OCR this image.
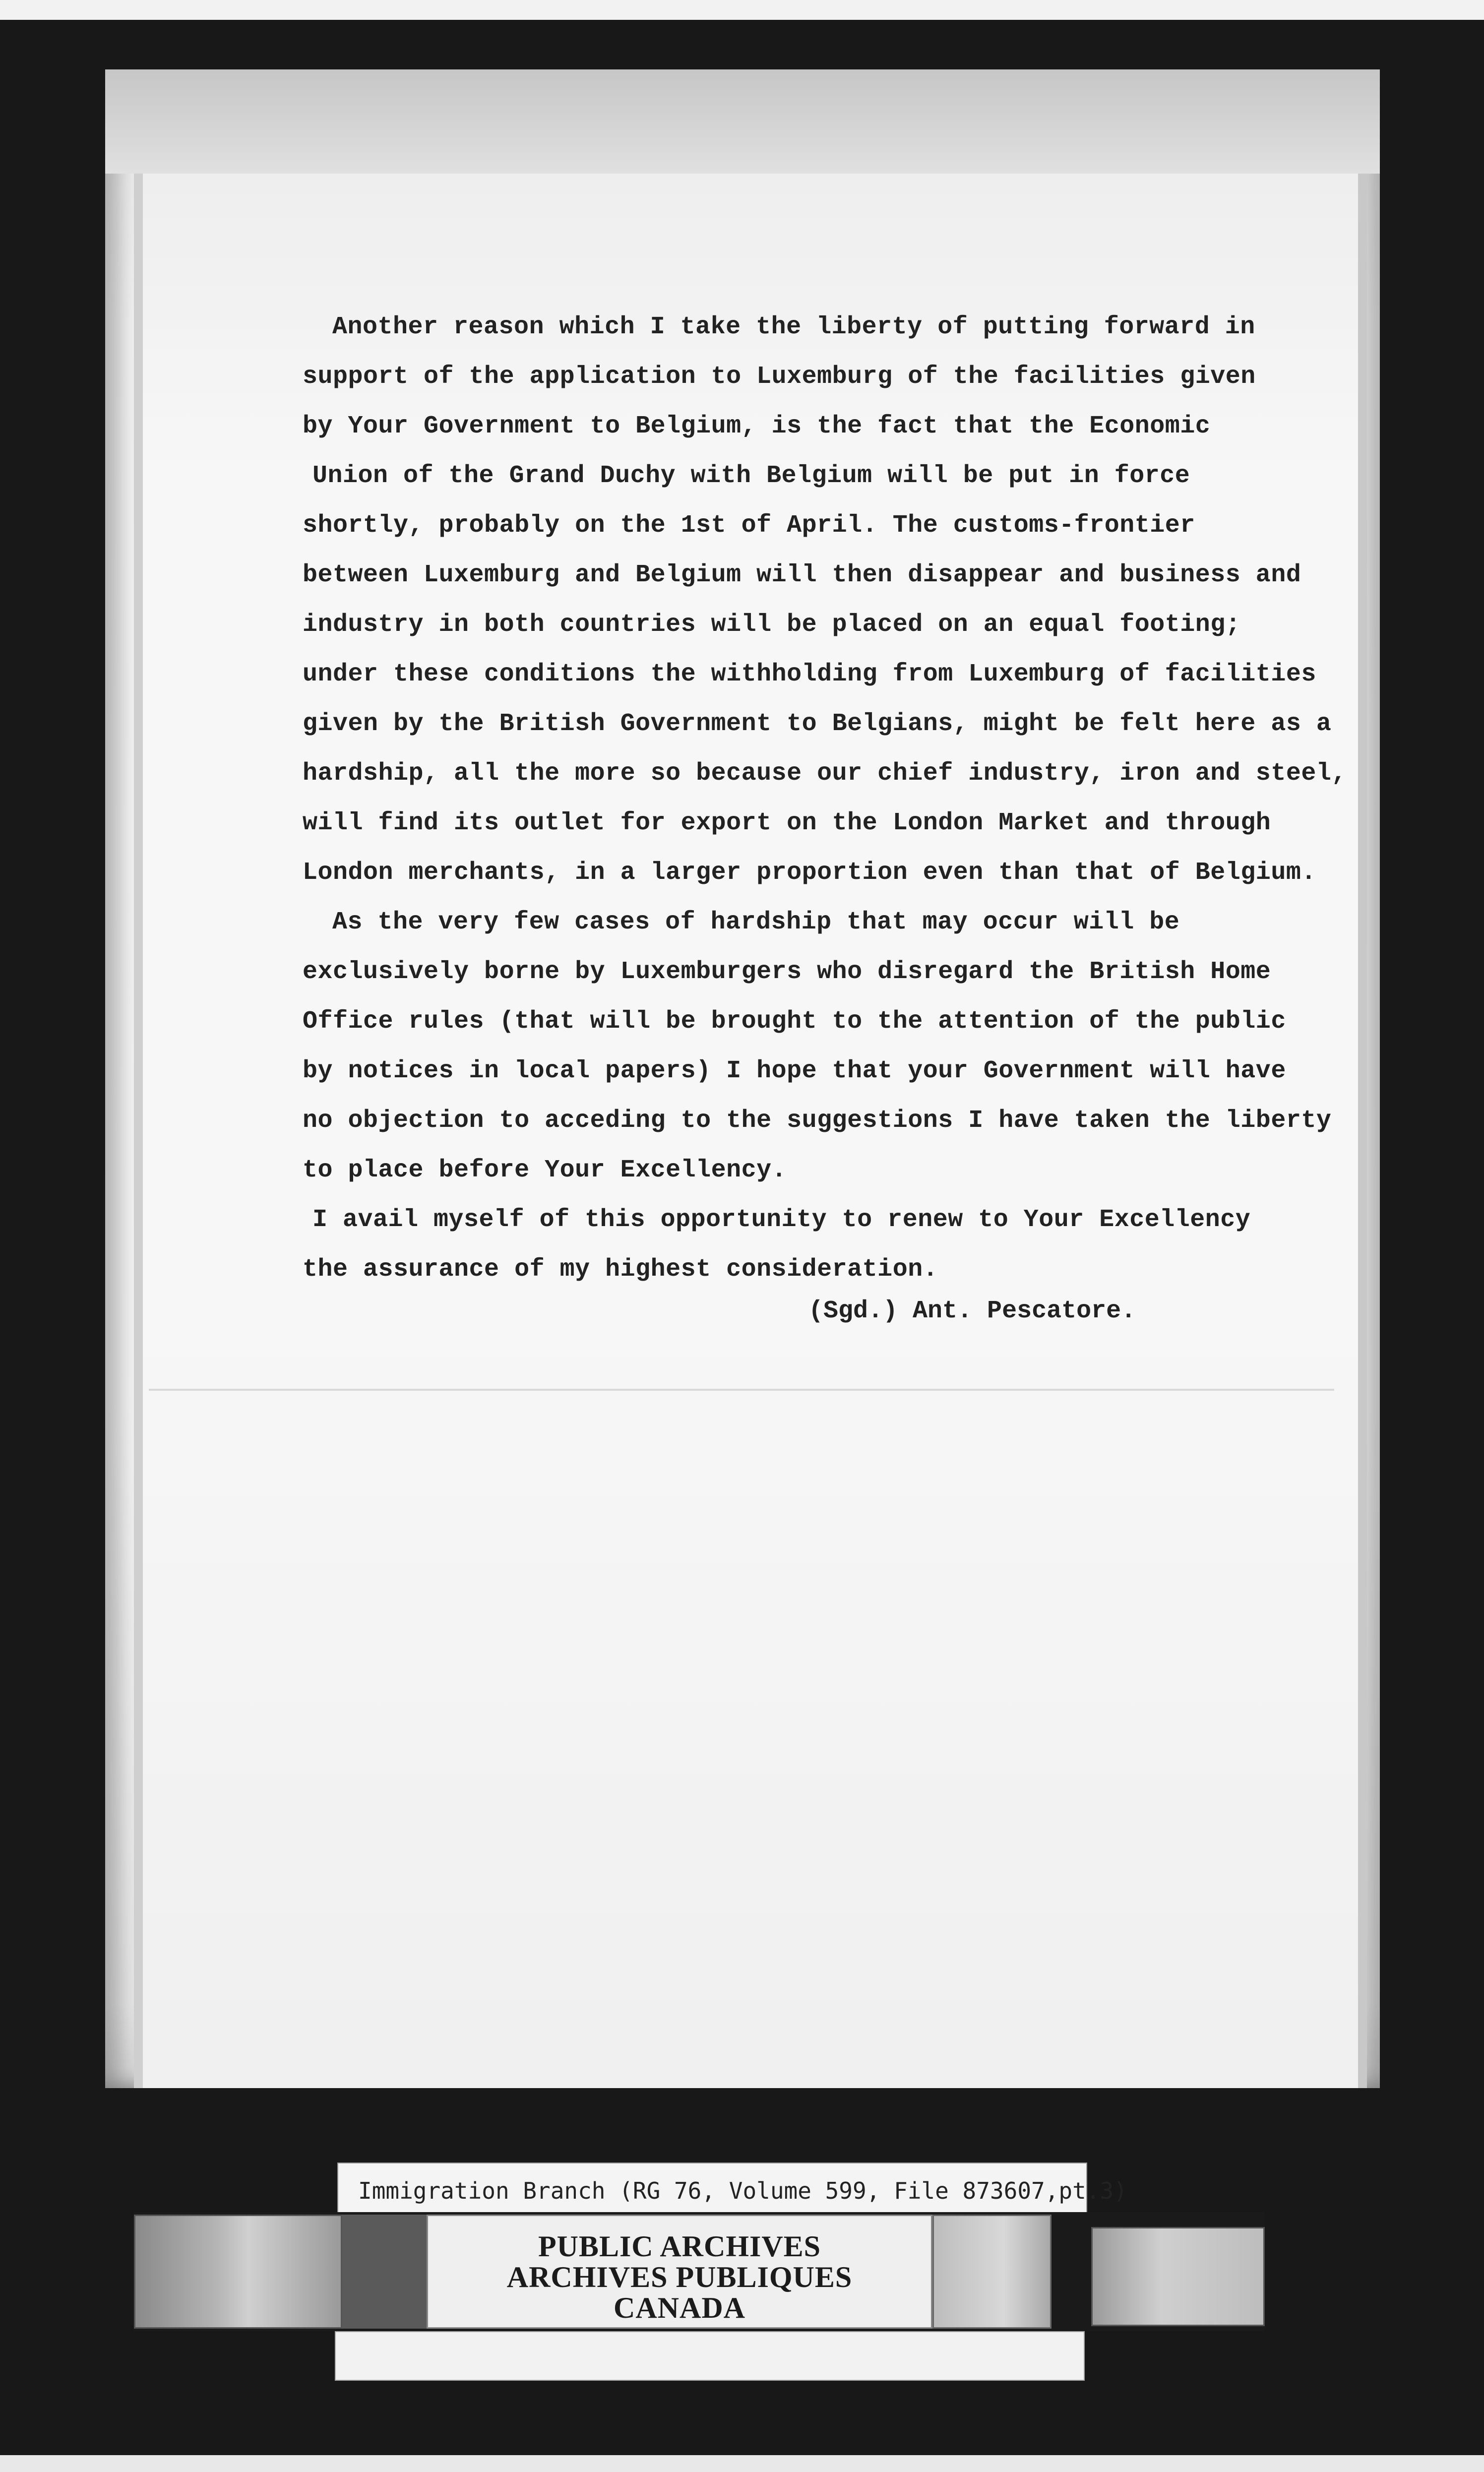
Another reason which I take the liberty of putting forward in
support of the application to Luxemburg of the facilities given
by Your Government to Belgium, is the fact that the Economic
Union of the Grand Duchy with Belgium will be put in force
shortly, probably on the 1st of April. The customs-frontier
between Luxemburg and Belgium will then disappear and business and
industry in both countries will be placed on an equal footing;
under these conditions the withholding from Luxemburg of facilities
given by the British Government to Belgians, might be felt here as a
hardship, all the more so because our chief industry, iron and steel,
will find its outlet for export on the London Market and through
London merchants, in a larger proportion even than that of Belgium.
As the very few cases of hardship that may occur will be
exclusively borne by Luxemburgers who disregard the British Home
Office rules (that will be brought to the attention of the public
by notices in local papers) I hope that your Government will have
no objection to acceding to the suggestions I have taken the liberty
to place before Your Excellency.
I avail myself of this opportunity to renew to Your Excellency
the assurance of my highest consideration.
(Sgd.) Ant. Pescatore.
Immigration Branch (RG 76, Volume 599, File 873607,pt.3)
PUBLIC ARCHIVES
ARCHIVES PUBLIQUES
CANADA
